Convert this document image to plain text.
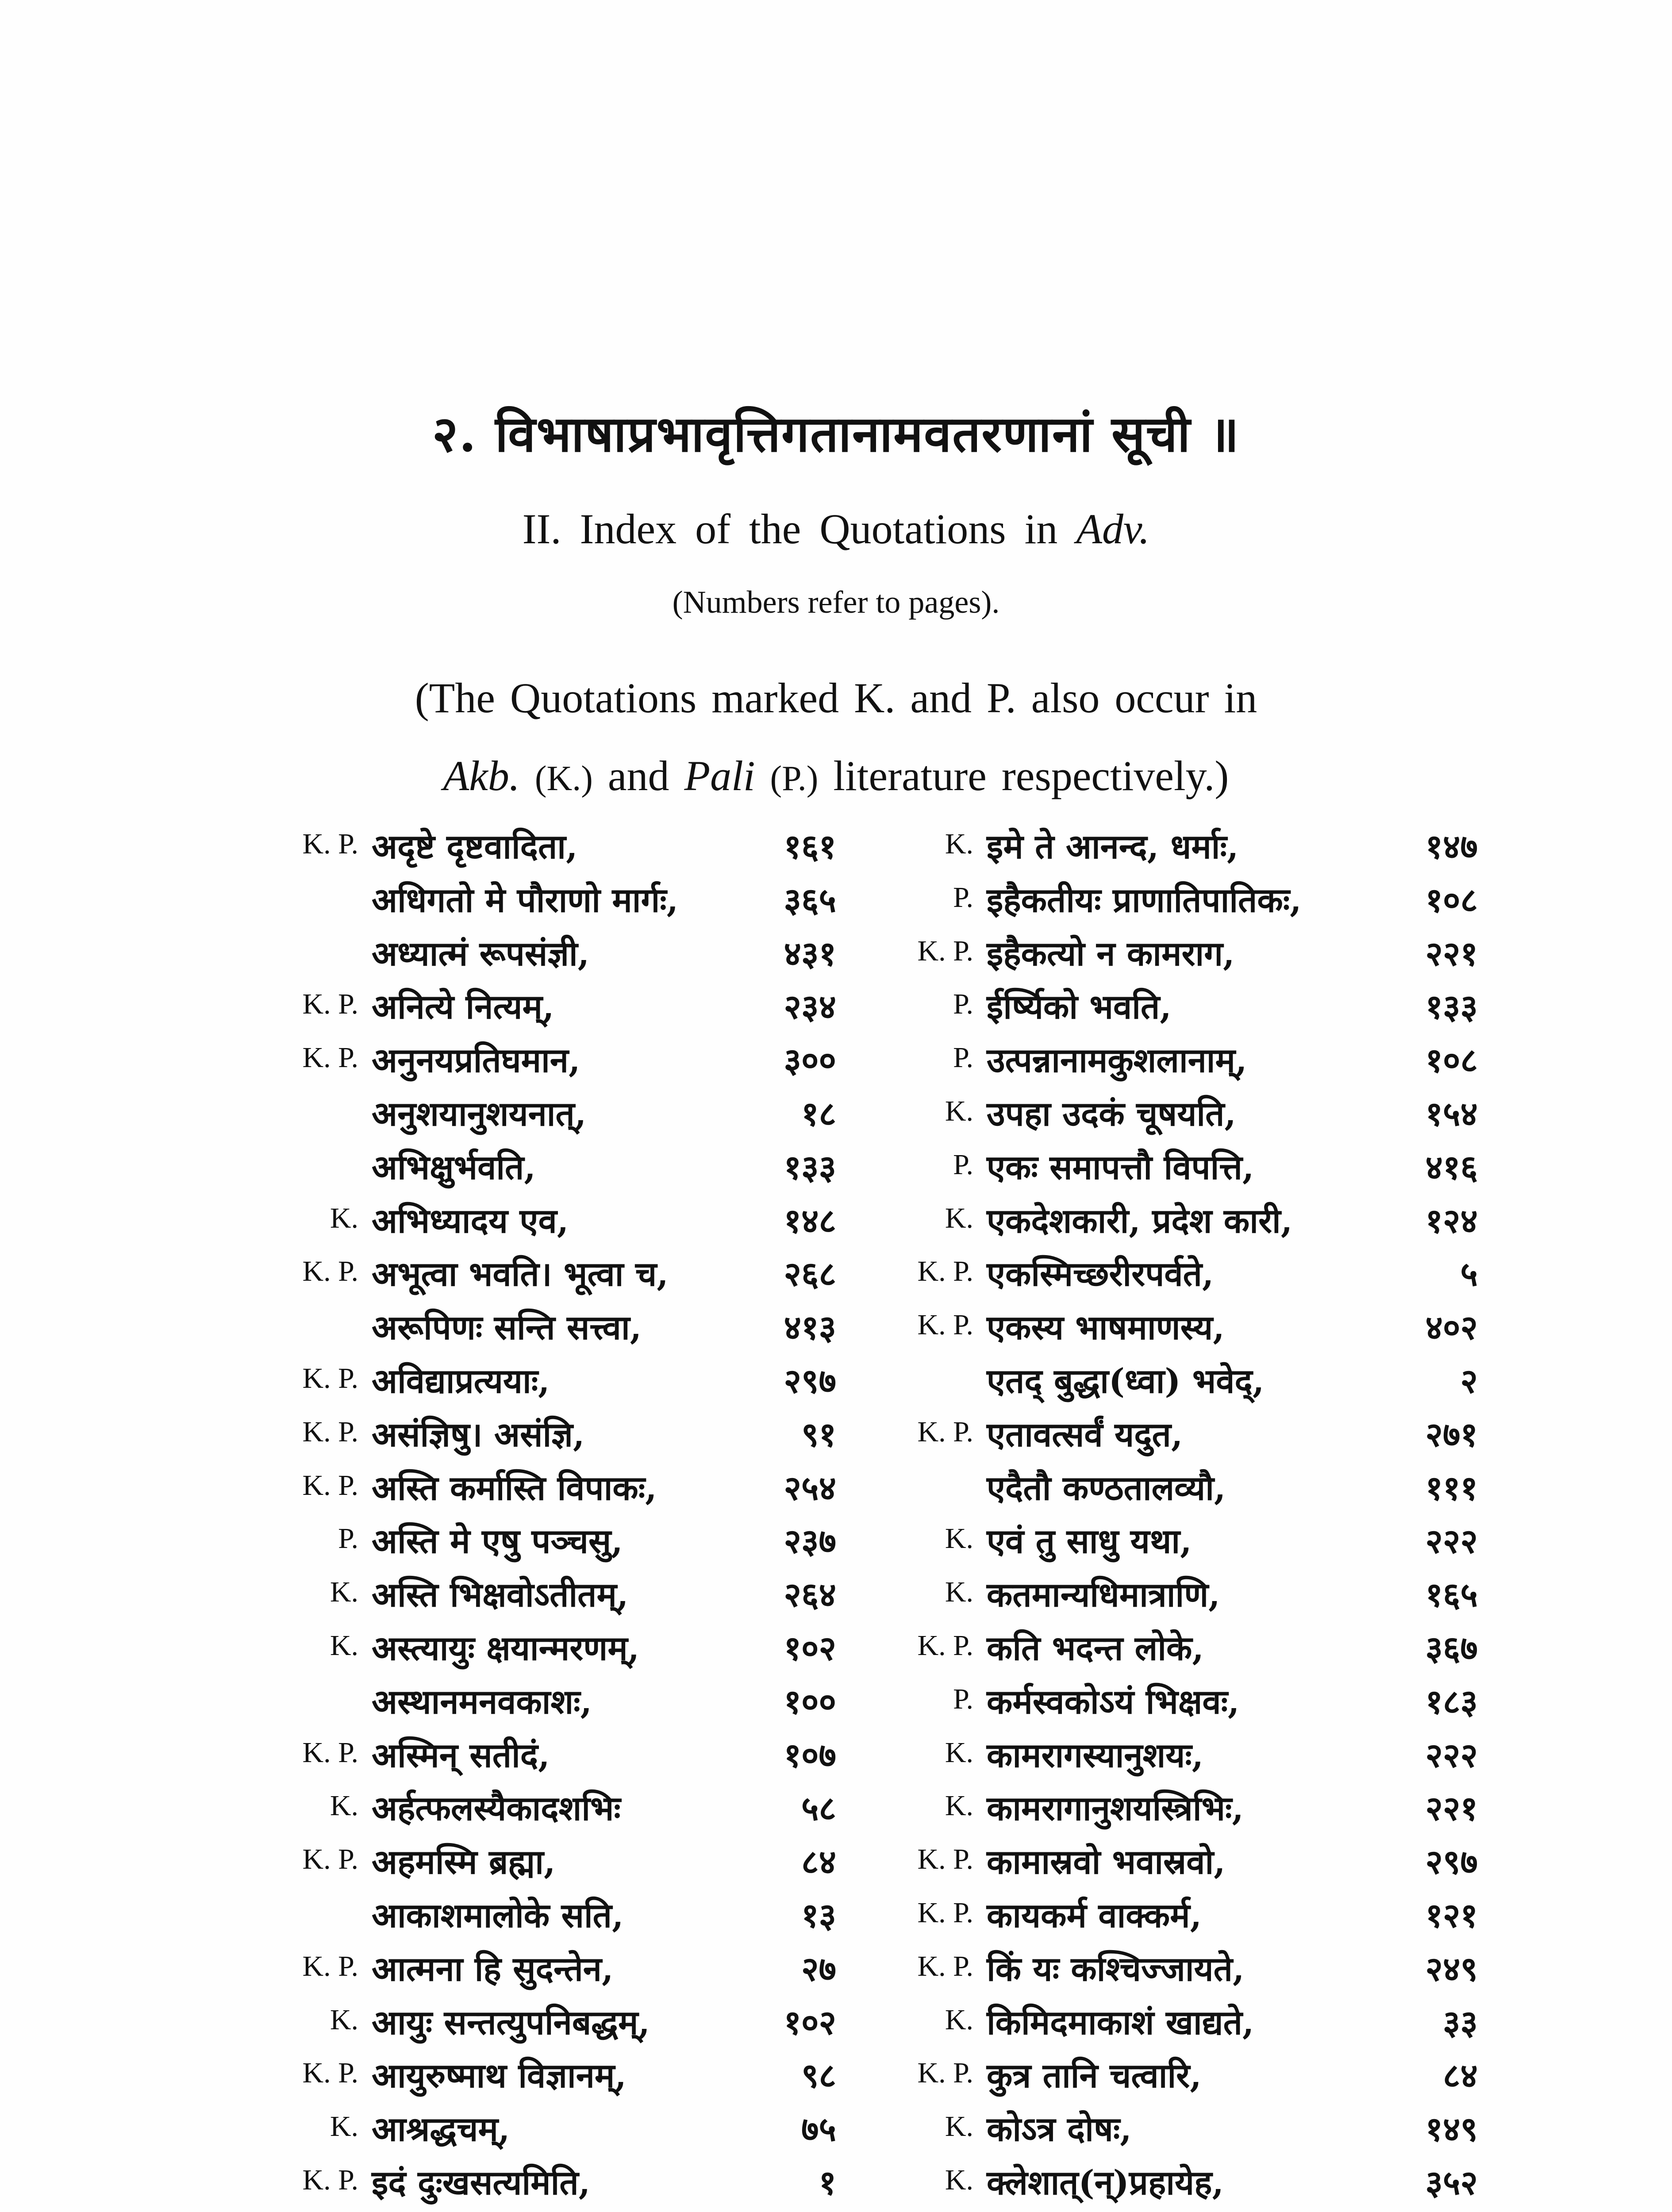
२. विभाषाप्रभावृत्तिगतानामवतरणानां सूची ॥
II. Index of the Quotations in Adv.
(Numbers refer to pages).
(The Quotations marked K. and P. also occur in
Akb. (K.) and Pali (P.) literature respectively.)
K. P. अदृष्टे दृष्टवादिता,	१६१
अधिगतो मे पौराणो मार्गः,	३६५
अध्यात्मं रूपसंज्ञी,	४३१
K. P. अनित्ये नित्यम्,	२३४
K. P. अनुनयप्रतिघमान,	३००
अनुशयानुशयनात्,	१८
अभिक्षुर्भवति,	१३३
K. अभिध्यादय एव,	१४८
K. P. अभूत्वा भवति। भूत्वा च,	२६८
अरूपिणः सन्ति सत्त्वा,	४१३
K. P. अविद्याप्रत्ययाः,	२९७
K. P. असंज्ञिषु। असंज्ञि,	९१
K. P. अस्ति कर्मास्ति विपाकः,	२५४
P. अस्ति मे एषु पञ्चसु,	२३७
K. अस्ति भिक्षवोऽतीतम्,	२६४
K. अस्त्यायुः क्षयान्मरणम्,	१०२
अस्थानमनवकाशः,	१००
K. P. अस्मिन् सतीदं,	१०७
K. अर्हत्फलस्यैकादशभिः	५८
K. P. अहमस्मि ब्रह्मा,	८४
आकाशमालोके सति,	१३
K. P. आत्मना हि सुदन्तेन,	२७
K. आयुः सन्तत्युपनिबद्धम्,	१०२
K. P. आयुरुष्माथ विज्ञानम्,	९८
K. आश्रद्धचम्,	७५
K. P. इदं दुःखसत्यमिति,	१
K. इमे ते आनन्द, धर्माः,	१४७
P. इहैकतीयः प्राणातिपातिकः,	१०८
K. P. इहैकत्यो न कामराग,	२२१
P. ईर्ष्यिको भवति,	१३३
P. उत्पन्नानामकुशलानाम्,	१०८
K. उपहा उदकं चूषयति,	१५४
P. एकः समापत्तौ विपत्ति,	४१६
K. एकदेशकारी, प्रदेश कारी,	१२४
K. P. एकस्मिच्छरीरपर्वते,	५
K. P. एकस्य भाषमाणस्य,	४०२
एतद् बुद्धा(ध्वा) भवेद्,	२
K. P. एतावत्सर्वं यदुत,	२७१
एदैतौ कण्ठतालव्यौ,	१११
K. एवं तु साधु यथा,	२२२
K. कतमान्यधिमात्राणि,	१६५
K. P. कति भदन्त लोके,	३६७
P. कर्मस्वकोऽयं भिक्षवः,	१८३
K. कामरागस्यानुशयः,	२२२
K. कामरागानुशयस्त्रिभिः,	२२१
K. P. कामास्रवो भवास्रवो,	२९७
K. P. कायकर्म वाक्कर्म,	१२१
K. P. किं यः कश्चिज्जायते,	२४९
K. किमिदमाकाशं खाद्यते,	३३
K. P. कुत्र तानि चत्वारि,	८४
K. कोऽत्र दोषः,	१४९
K. क्लेशात्(न्)प्रहायेह,	३५२
